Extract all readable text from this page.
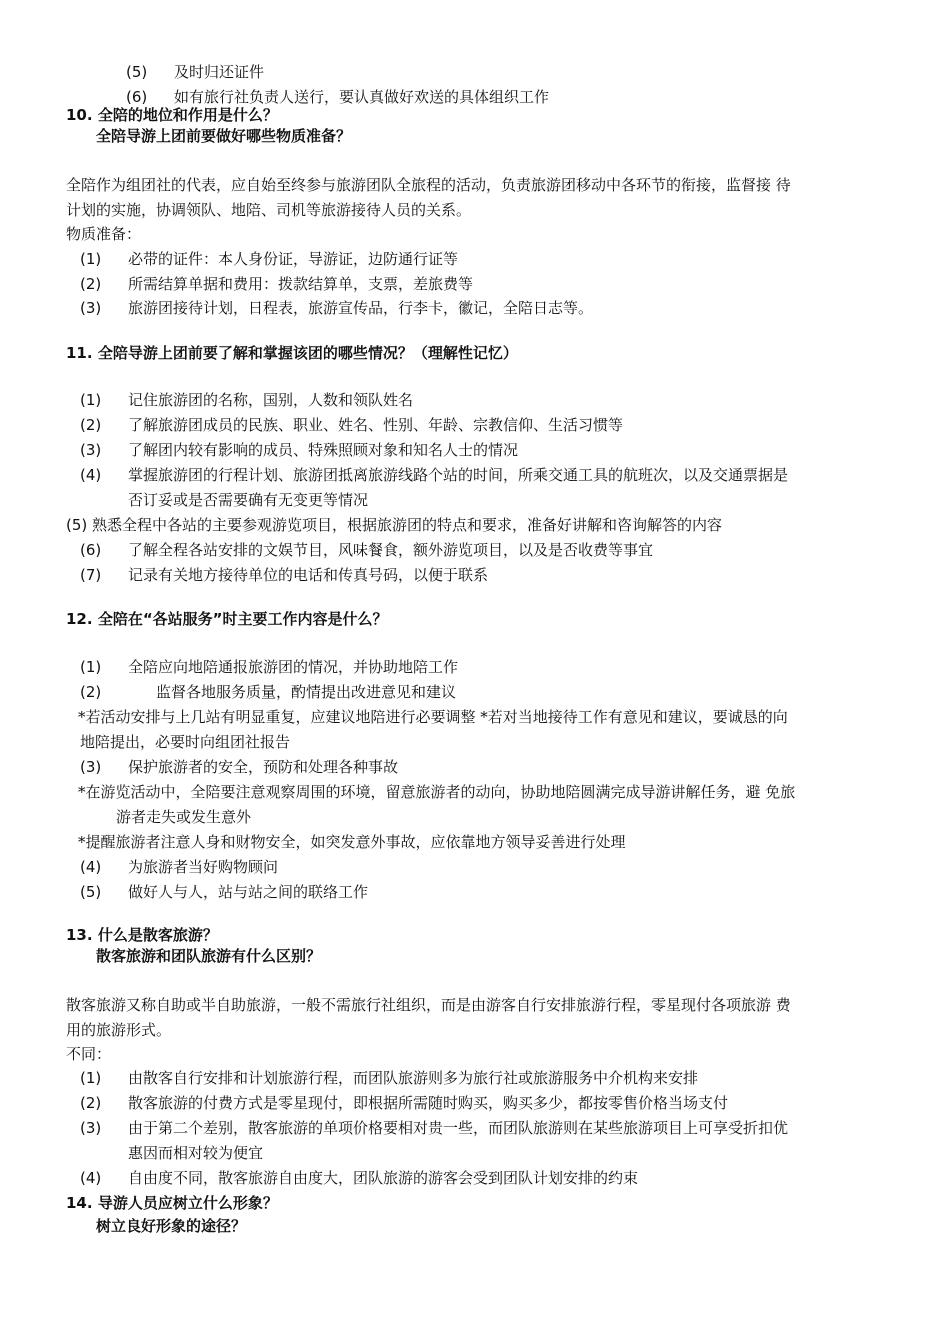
(5) 及时归还证件
(6) 如有旅行社负责人送行，要认真做好欢送的具体组织工作
10. 全陪的地位和作用是什么？
全陪导游上团前要做好哪些物质准备？
全陪作为组团社的代表，应自始至终参与旅游团队全旅程的活动，负责旅游团移动中各环节的衔接，监督接 待
计划的实施，协调领队、地陪、司机等旅游接待人员的关系。
物质准备：
(1) 必带的证件：本人身份证，导游证，边防通行证等
(2) 所需结算单据和费用：拨款结算单，支票，差旅费等
(3) 旅游团接待计划，日程表，旅游宣传品，行李卡，徽记，全陪日志等。
11. 全陪导游上团前要了解和掌握该团的哪些情况？（理解性记忆）
(1) 记住旅游团的名称，国别，人数和领队姓名
(2) 了解旅游团成员的民族、职业、姓名、性别、年龄、宗教信仰、生活习惯等
(3) 了解团内较有影响的成员、特殊照顾对象和知名人士的情况
(4) 掌握旅游团的行程计划、旅游团抵离旅游线路个站的时间，所乘交通工具的航班次，以及交通票据是
否订妥或是否需要确有无变更等情况
(5) 熟悉全程中各站的主要参观游览项目，根据旅游团的特点和要求，准备好讲解和咨询解答的内容
(6) 了解全程各站安排的文娱节目，风味餐食，额外游览项目，以及是否收费等事宜
(7) 记录有关地方接待单位的电话和传真号码，以便于联系
12. 全陪在“各站服务”时主要工作内容是什么？
(1) 全陪应向地陪通报旅游团的情况，并协助地陪工作
(2)	监督各地服务质量，酌情提出改进意见和建议
*若活动安排与上几站有明显重复，应建议地陪进行必要调整 *若对当地接待工作有意见和建议，要诚恳的向
地陪提出，必要时向组团社报告
(3) 保护旅游者的安全，预防和处理各种事故
*在游览活动中，全陪要注意观察周围的环境，留意旅游者的动向，协助地陪圆满完成导游讲解任务，避 免旅
游者走失或发生意外
*提醒旅游者注意人身和财物安全，如突发意外事故，应依靠地方领导妥善进行处理
(4) 为旅游者当好购物顾问
(5) 做好人与人，站与站之间的联络工作
13. 什么是散客旅游？
散客旅游和团队旅游有什么区别？
散客旅游又称自助或半自助旅游，一般不需旅行社组织，而是由游客自行安排旅游行程，零星现付各项旅游 费
用的旅游形式。
不同：
(1) 由散客自行安排和计划旅游行程，而团队旅游则多为旅行社或旅游服务中介机构来安排
(2) 散客旅游的付费方式是零星现付，即根据所需随时购买，购买多少，都按零售价格当场支付
(3) 由于第二个差别，散客旅游的单项价格要相对贵一些，而团队旅游则在某些旅游项目上可享受折扣优
惠因而相对较为便宜
(4) 自由度不同，散客旅游自由度大，团队旅游的游客会受到团队计划安排的约束
14. 导游人员应树立什么形象？
树立良好形象的途径？
